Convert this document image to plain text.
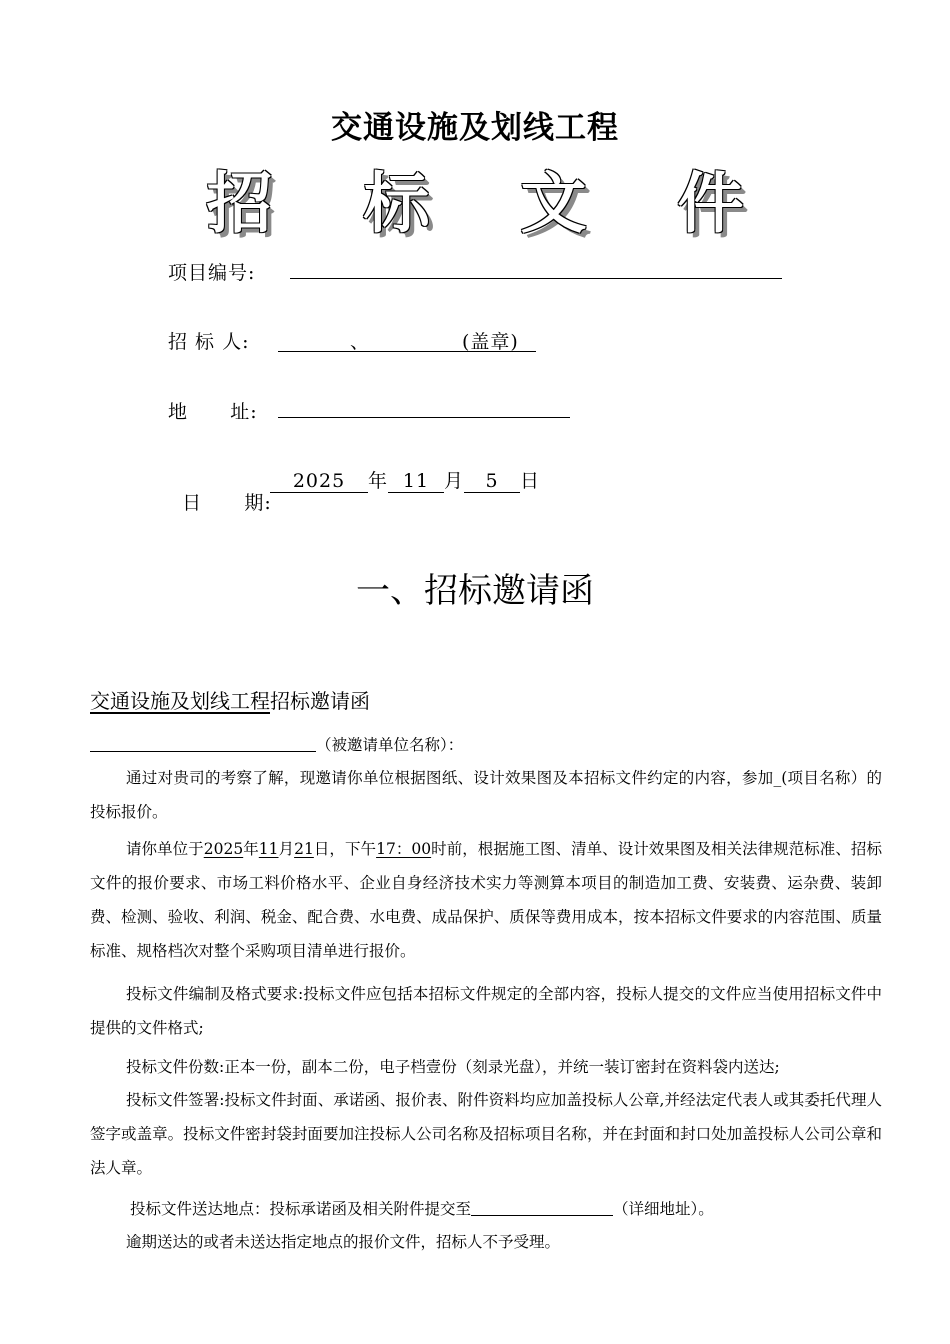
交通设施及划线工程
招 标 文 件
项目编号:
招 标 人:	、	(盖章)
地      址:

日      期:

2025 年 11 月 5 日
一、招标邀请函
交通设施及划线工程招标邀请函
（被邀请单位名称）：
通过对贵司的考察了解，现邀请你单位根据图纸、设计效果图及本招标文件约定的内容，参加_(项目名称）的投标报价。
请你单位于2025年11月21日，下午17：00时前，根据施工图、清单、设计效果图及相关法律规范标准、招标文件的报价要求、市场工料价格水平、企业自身经济技术实力等测算本项目的制造加工费、安装费、运杂费、装卸费、检测、验收、利润、税金、配合费、水电费、成品保护、质保等费用成本，按本招标文件要求的内容范围、质量标准、规格档次对整个采购项目清单进行报价。
投标文件编制及格式要求:投标文件应包括本招标文件规定的全部内容，投标人提交的文件应当使用招标文件中提供的文件格式;
投标文件份数:正本一份，副本二份，电子档壹份（刻录光盘），并统一装订密封在资料袋内送达;
投标文件签署:投标文件封面、承诺函、报价表、附件资料均应加盖投标人公章,并经法定代表人或其委托代理人签字或盖章。投标文件密封袋封面要加注投标人公司名称及招标项目名称，并在封面和封口处加盖投标人公司公章和法人章。
投标文件送达地点：投标承诺函及相关附件提交至	（详细地址）。
逾期送达的或者未送达指定地点的报价文件，招标人不予受理。
